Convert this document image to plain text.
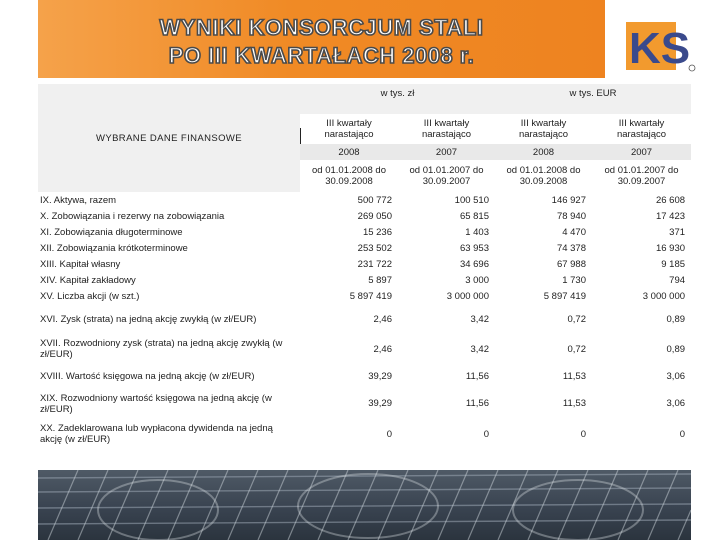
WYNIKI KONSORCJUM STALI
PO III KWARTAŁACH 2008 r.	KS
WYBRANE DANE FINANSOWE	w tys. zł		w tys. EUR	
	III kwartały narastająco	III kwartały narastająco	III kwartały narastająco	III kwartały narastająco
	2008	2007	2008	2007
	od 01.01.2008 do 30.09.2008	od 01.01.2007 do 30.09.2007	od 01.01.2008 do 30.09.2008	od 01.01.2007 do 30.09.2007
IX. Aktywa, razem	500 772	100 510	146 927	26 608
X. Zobowiązania i rezerwy na zobowiązania	269 050	65 815	78 940	17 423
XI. Zobowiązania długoterminowe	15 236	1 403	4 470	371
XII. Zobowiązania krótkoterminowe	253 502	63 953	74 378	16 930
XIII. Kapitał własny	231 722	34 696	67 988	9 185
XIV. Kapitał zakładowy	5 897	3 000	1 730	794
XV. Liczba akcji (w szt.)	5 897 419	3 000 000	5 897 419	3 000 000
XVI. Zysk (strata) na jedną akcję zwykłą (w zł/EUR)	2,46	3,42	0,72	0,89
XVII. Rozwodniony zysk (strata) na jedną akcję zwykłą (w zł/EUR)	2,46	3,42	0,72	0,89
XVIII. Wartość księgowa na jedną akcję (w zł/EUR)	39,29	11,56	11,53	3,06
XIX. Rozwodniony wartość księgowa na jedną akcję (w zł/EUR)	39,29	11,56	11,53	3,06
XX. Zadeklarowana lub wypłacona dywidenda na jedną akcję (w zł/EUR)	0	0	0	0
